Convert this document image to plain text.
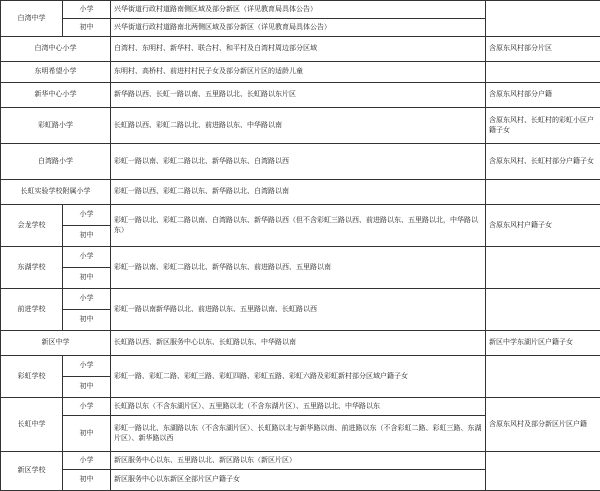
白湾中学	小学	兴华街道行政村道路南侧区域及部分新区（详见教育局具体公告）	
	初中	兴华街道行政村道路南北两侧区域及部分新区（详见教育局具体公告）	
白湾中心小学		白湾村、东明村、新华村、联合村、和平村及白湾村周边部分区域	含原东风村部分片区
东明希望小学		东明村、高桥村、前进村村民子女及部分新区片区的适龄儿童	
新华中心小学		新华路以西、长虹一路以南、五里路以北、长虹路以东片区	含原东风村部分户籍
彩虹路小学		长虹路以西、彩虹二路以北、前进路以东、中华路以南	含原东风村、长虹村的彩虹小区户籍子女
白湾路小学		彩虹一路以南、彩虹二路以北、新华路以东、白湾路以西	含原东风村、长虹村部分户籍子女
长虹实验学校附属小学		彩虹一路以西、彩虹二路以东、新华路以北、白湾路以南	
会龙学校	小学	彩虹一路以北、彩虹二路以南、白湾路以东、新华路以西（但不含彩虹三路以西、前进路以东、五里路以北，中华路以东）	含原东风村户籍子女
	初中		
东湖学校	小学	彩虹一路以南、彩虹二路以北、新华路以东、前进路以西、五里路以南	
	初中		
前进学校	小学	彩虹一路以南新华路以北、前进路以东、五里路以南、长虹路以西	
	初中		
新区中学		长虹路以西、新区服务中心以东、长虹路以东、中华路以南	新区中学东湖片区户籍子女
彩虹学校	小学	彩虹一路、彩虹二路、彩虹三路、彩虹四路、彩虹五路、彩虹六路及彩虹新村部分区域户籍子女	
	初中		
长虹中学	小学	长虹路以东（不含东湖片区）、五里路以北（不含东湖片区）、五里路以北、中华路以东	含原东风村及部分新区片区户籍
	初中	彩虹一路以北、东湖路以东（不含东湖片区）、长虹路以北与新华路以南、前进路以东（不含彩虹二路、彩虹三路、东湖片区）、新华路以西	
新区学校	小学	新区服务中心以东、五里路以北、新区路以东（新区片区）	
	初中	新区服务中心以东新区全部片区户籍子女	
